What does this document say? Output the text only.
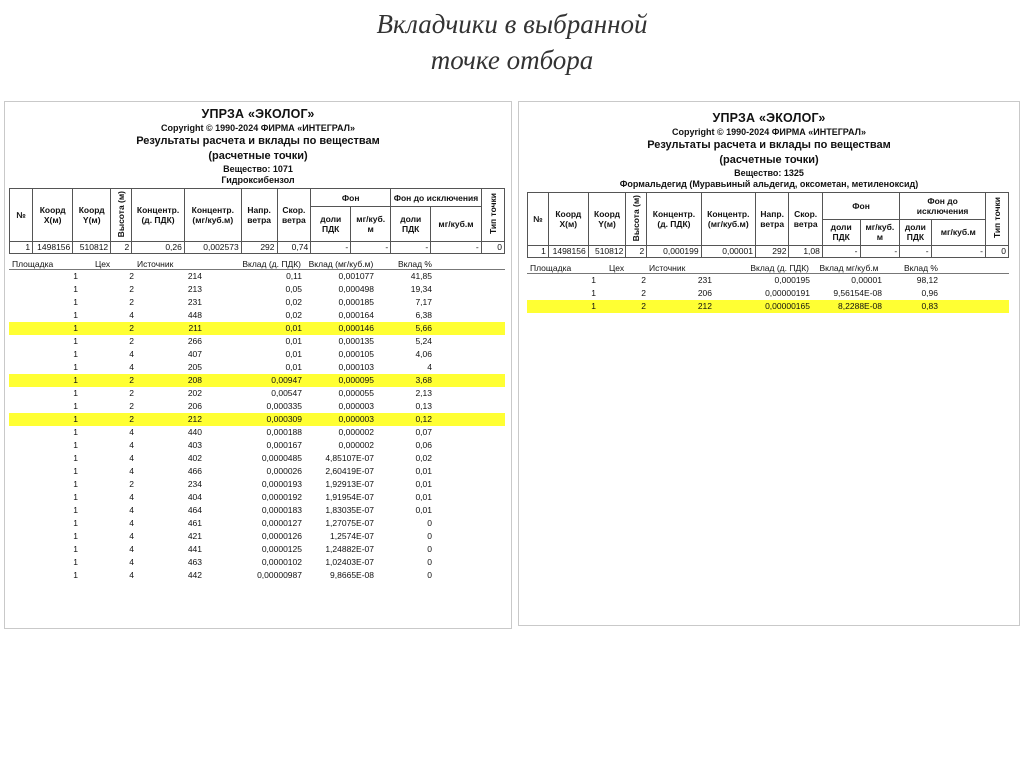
Вкладчики в выбранной
точке отбора
УПРЗА «ЭКОЛОГ»
Copyright © 1990-2024 ФИРМА «ИНТЕГРАЛ»
Результаты расчета и вклады по веществам
(расчетные точки)
Вещество: 1071
Гидроксибензол
№	Коорд X(м)	Коорд Y(м)	Высота (м)	Концентр. (д. ПДК)	Концентр. (мг/куб.м)	Напр. ветра	Скор. ветра	Фон		Фон до исключения		Тип точки
								доли ПДК	мг/куб. м	доли ПДК	мг/куб.м	
1	1498156	510812	2	0,26	0,002573	292	0,74	-	-	-	-	0
Площадка	Цех	Источник	Вклад (д. ПДК)	Вклад (мг/куб.м)	Вклад %	
1	2	214	0,11	0,001077	41,85	
1	2	213	0,05	0,000498	19,34	
1	2	231	0,02	0,000185	7,17	
1	4	448	0,02	0,000164	6,38	
1	2	211	0,01	0,000146	5,66	
1	2	266	0,01	0,000135	5,24	
1	4	407	0,01	0,000105	4,06	
1	4	205	0,01	0,000103	4	
1	2	208	0,00947	0,000095	3,68	
1	2	202	0,00547	0,000055	2,13	
1	2	206	0,000335	0,000003	0,13	
1	2	212	0,000309	0,000003	0,12	
1	4	440	0,000188	0,000002	0,07	
1	4	403	0,000167	0,000002	0,06	
1	4	402	0,0000485	4,85107E-07	0,02	
1	4	466	0,000026	2,60419E-07	0,01	
1	2	234	0,0000193	1,92913E-07	0,01	
1	4	404	0,0000192	1,91954E-07	0,01	
1	4	464	0,0000183	1,83035E-07	0,01	
1	4	461	0,0000127	1,27075E-07	0	
1	4	421	0,0000126	1,2574E-07	0	
1	4	441	0,0000125	1,24882E-07	0	
1	4	463	0,0000102	1,02403E-07	0	
1	4	442	0,00000987	9,8665E-08	0	
УПРЗА «ЭКОЛОГ»
Copyright © 1990-2024 ФИРМА «ИНТЕГРАЛ»
Результаты расчета и вклады по веществам
(расчетные точки)
Вещество: 1325
Формальдегид (Муравьиный альдегид, оксометан, метиленоксид)
№	Коорд X(м)	Коорд Y(м)	Высота (м)	Концентр. (д. ПДК)	Концентр. (мг/куб.м)	Напр. ветра	Скор. ветра	Фон		Фон до исключения		Тип точки
								доли ПДК	мг/куб. м	доли ПДК	мг/куб.м	
1	1498156	510812	2	0,000199	0,00001	292	1,08	-	-	-	-	0
Площадка	Цех	Источник	Вклад (д. ПДК)	Вклад мг/куб.м	Вклад %	
1	2	231	0,000195	0,00001	98,12	
1	2	206	0,00000191	9,56154E-08	0,96	
1	2	212	0,00000165	8,2288E-08	0,83	
